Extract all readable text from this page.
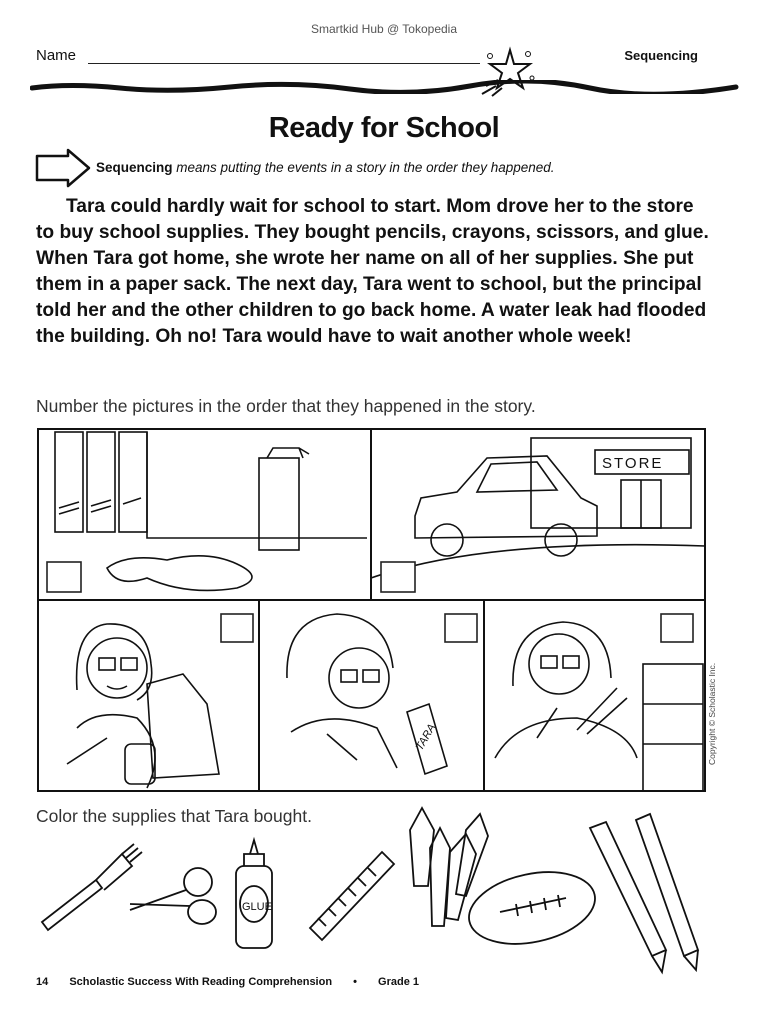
Smartkid Hub @ Tokopedia
Name	Sequencing
Ready for School
Sequencing means putting the events in a story in the order they happened.

Tara could hardly wait for school to start. Mom drove her to the store to buy school supplies. They bought pencils, crayons, scissors, and glue. When Tara got home, she wrote her name on all of her supplies. She put them in a paper sack. The next day, Tara went to school, but the principal told her and the other children to go back home. A water leak had flooded the building. Oh no! Tara would have to wait another whole week!

Number the pictures in the order that they happened in the story.
STORE
TARA	Copyright © Scholastic Inc.
Color the supplies that Tara bought.
GLUE
14 Scholastic Success With Reading Comprehension • Grade 1
